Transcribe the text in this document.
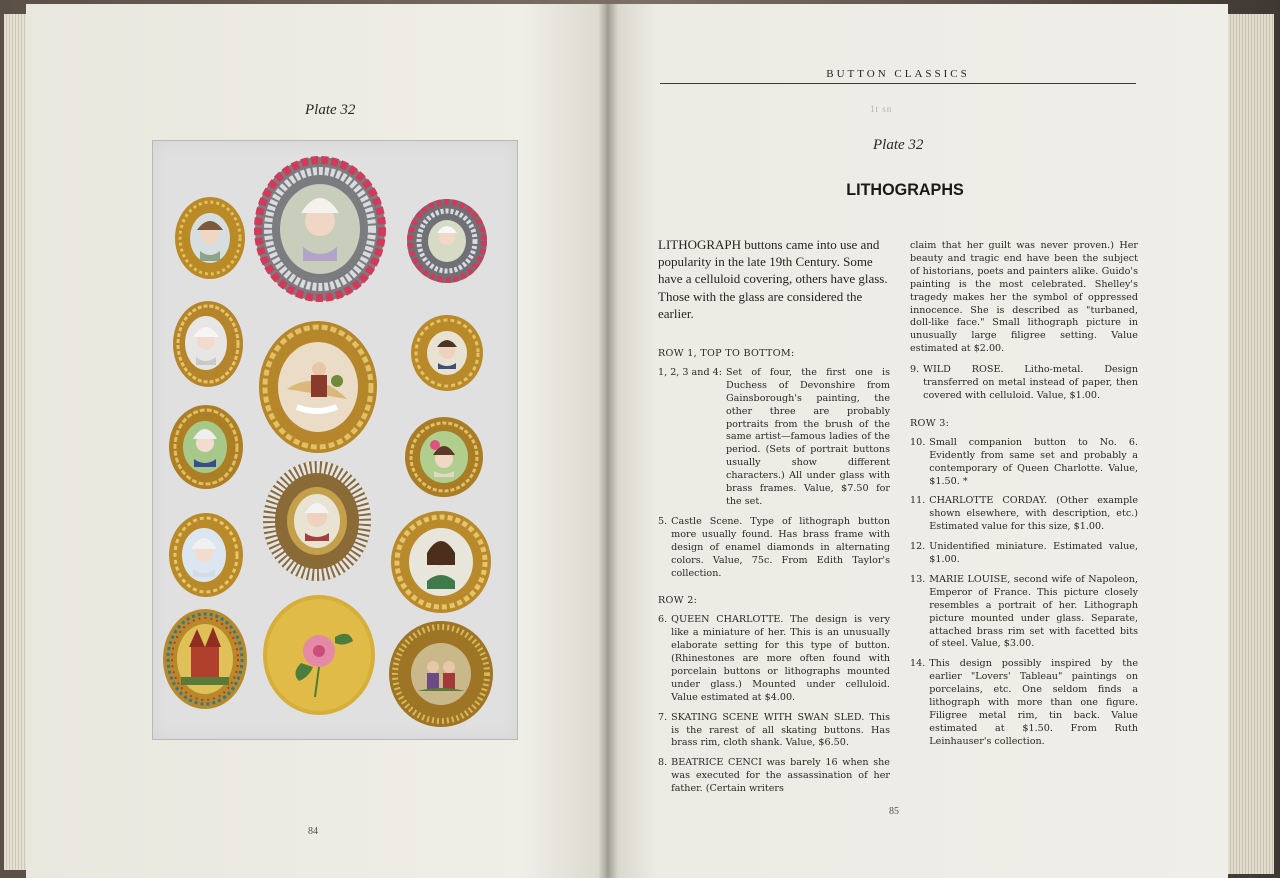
Plate 32
84
BUTTON CLASSICS
1t sn
Plate 32
LITHOGRAPHS
LITHOGRAPH buttons came into use and popularity in the late 19th Century. Some have a celluloid covering, others have glass. Those with the glass are considered the earlier.
ROW 1, TOP TO BOTTOM:
1, 2, 3 and 4: Set of four, the first one is Duchess of Devonshire from Gainsborough's painting, the other three are probably portraits from the brush of the same artist—famous ladies of the period. (Sets of portrait buttons usually show different characters.) All under glass with brass frames. Value, $7.50 for the set.
5. Castle Scene. Type of lithograph button more usually found. Has brass frame with design of enamel diamonds in alternating colors. Value, 75c. From Edith Taylor's collection.
ROW 2:
6. QUEEN CHARLOTTE. The design is very like a miniature of her. This is an unusually elaborate setting for this type of button. (Rhinestones are more often found with porcelain buttons or lithographs mounted under glass.) Mounted under celluloid. Value estimated at $4.00.
7. SKATING SCENE WITH SWAN SLED. This is the rarest of all skating buttons. Has brass rim, cloth shank. Value, $6.50.
8. BEATRICE CENCI was barely 16 when she was executed for the assassination of her father. (Certain writers
claim that her guilt was never proven.) Her beauty and tragic end have been the subject of historians, poets and painters alike. Guido's painting is the most celebrated. Shelley's tragedy makes her the symbol of oppressed innocence. She is described as "turbaned, doll-like face." Small lithograph picture in unusually large filigree setting. Value estimated at $2.00.
9. WILD ROSE. Litho-metal. Design transferred on metal instead of paper, then covered with celluloid. Value, $1.00.
ROW 3:
10. Small companion button to No. 6. Evidently from same set and probably a contemporary of Queen Charlotte. Value, $1.50. *
11. CHARLOTTE CORDAY. (Other example shown elsewhere, with description, etc.) Estimated value for this size, $1.00.
12. Unidentified miniature. Estimated value, $1.00.
13. MARIE LOUISE, second wife of Napoleon, Emperor of France. This picture closely resembles a portrait of her. Lithograph picture mounted under glass. Separate, attached brass rim set with facetted bits of steel. Value, $3.00.
14. This design possibly inspired by the earlier "Lovers' Tableau" paintings on porcelains, etc. One seldom finds a lithograph with more than one figure. Filigree metal rim, tin back. Value estimated at $1.50. From Ruth Leinhauser's collection.
85
